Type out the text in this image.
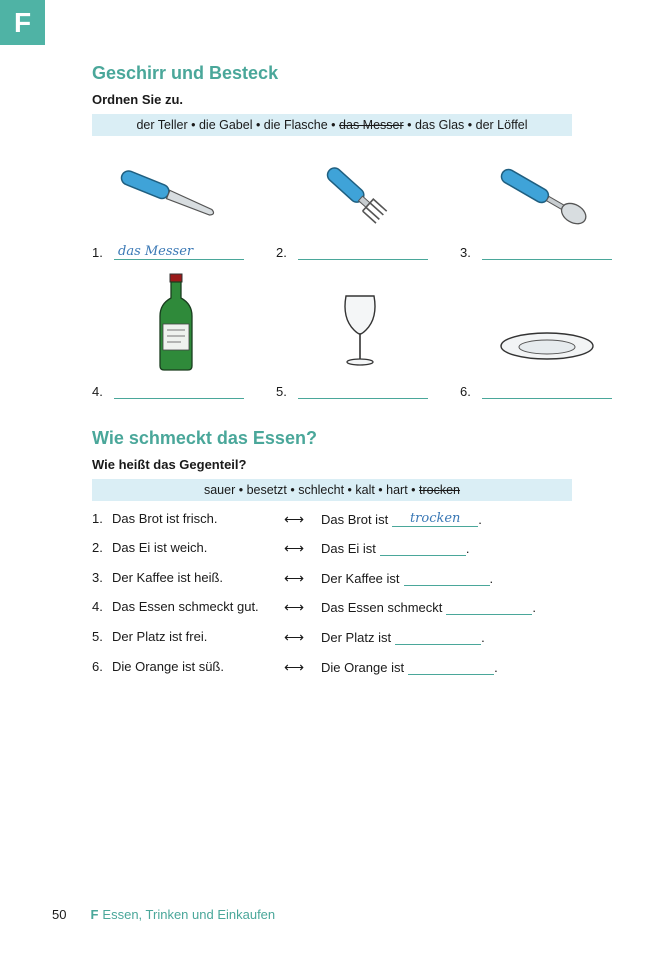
F
Geschirr und Besteck
Ordnen Sie zu.
der Teller • die Gabel • die Flasche • das Messer • das Glas • der Löffel
1.	das Messer	2.	3.
4.	5.	6.
Wie schmeckt das Essen?
Wie heißt das Gegenteil?
sauer • besetzt • schlecht • kalt • hart • trocken
1. Das Brot ist frisch.	⟷ Das Brot ist	trocken	.
2. Das Ei ist weich.	⟷ Das Ei ist	.
3. Der Kaffee ist heiß.	⟷ Der Kaffee ist	.
4. Das Essen schmeckt gut. ⟷ Das Essen schmeckt	.
5. Der Platz ist frei.	⟷ Der Platz ist	.
6. Die Orange ist süß.	⟷ Die Orange ist	.
50 F Essen, Trinken und Einkaufen
